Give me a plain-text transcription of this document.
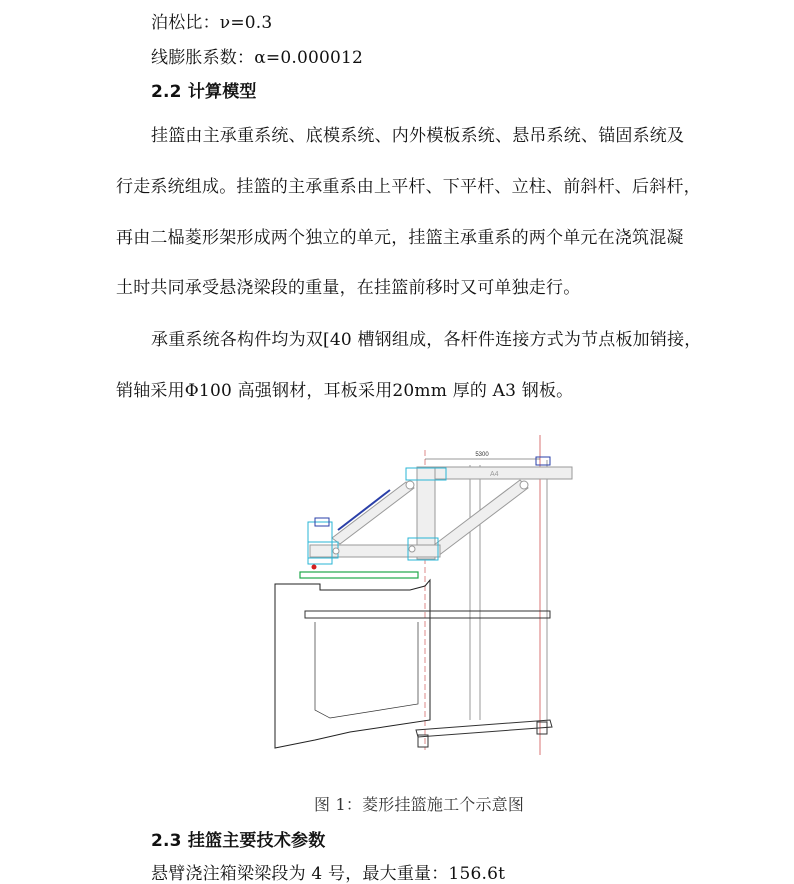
泊松比：ν=0.3
线膨胀系数：α=0.000012
2.2 计算模型
挂篮由主承重系统、底模系统、内外模板系统、悬吊系统、锚固系统及
行走系统组成。挂篮的主承重系由上平杆、下平杆、立柱、前斜杆、后斜杆，
再由二榀菱形架形成两个独立的单元，挂篮主承重系的两个单元在浇筑混凝
土时共同承受悬浇梁段的重量，在挂篮前移时又可单独走行。
承重系统各构件均为双[40 槽钢组成，各杆件连接方式为节点板加销接，
销轴采用Φ100 高强钢材，耳板采用20mm 厚的 A3 钢板。
5300
A4
图 1：菱形挂篮施工个示意图
2.3 挂篮主要技术参数
悬臂浇注箱梁梁段为 4 号，最大重量：156.6t
